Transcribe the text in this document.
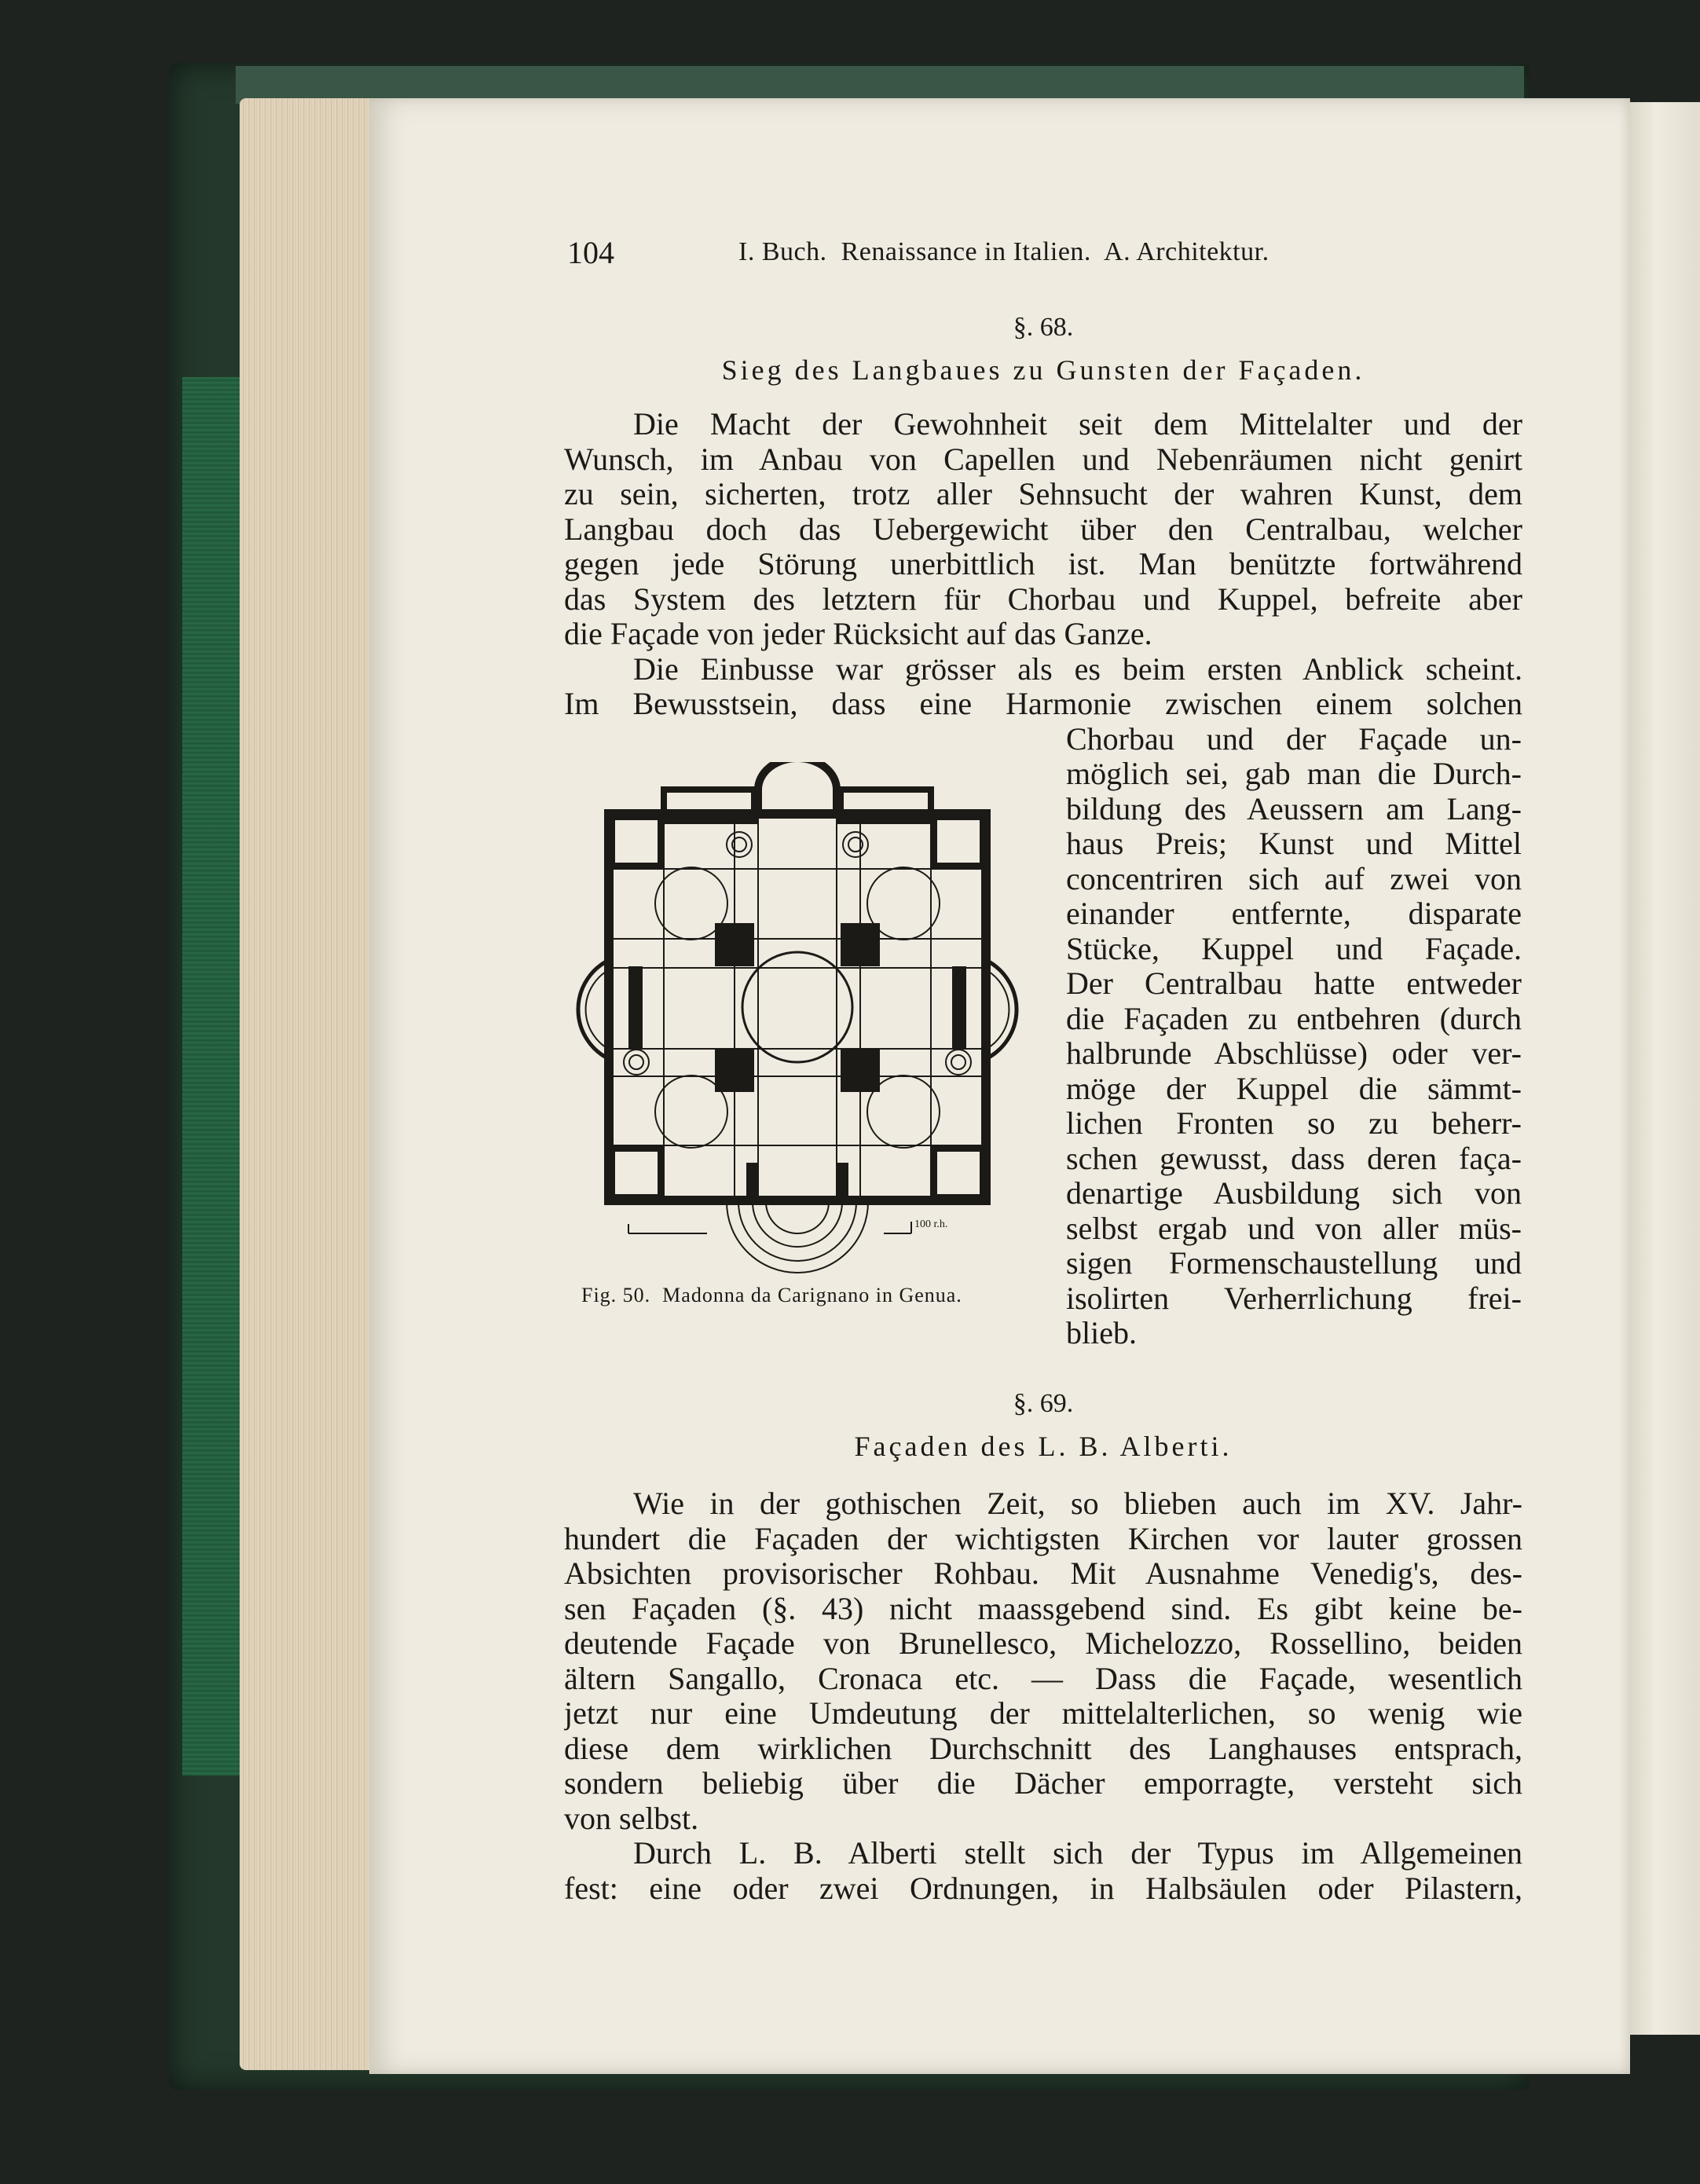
104	I. Buch.  Renaissance in Italien.  A. Architektur.
§. 68.
Sieg des Langbaues zu Gunsten der Façaden.
Die Macht der Gewohnheit seit dem Mittelalter und der
Wunsch, im Anbau von Capellen und Nebenräumen nicht genirt
zu sein, sicherten, trotz aller Sehnsucht der wahren Kunst, dem
Langbau doch das Uebergewicht über den Centralbau, welcher
gegen jede Störung unerbittlich ist. Man benützte fortwährend
das System des letztern für Chorbau und Kuppel, befreite aber
die Façade von jeder Rücksicht auf das Ganze.
Die Einbusse war grösser als es beim ersten Anblick scheint.
Im Bewusstsein, dass eine Harmonie zwischen einem solchen
Chorbau und der Façade un-
möglich sei, gab man die Durch-
bildung des Aeussern am Lang-
haus Preis; Kunst und Mittel
concentriren sich auf zwei von
einander entfernte, disparate
Stücke, Kuppel und Façade.
Der Centralbau hatte entweder
die Façaden zu entbehren (durch
halbrunde Abschlüsse) oder ver-
möge der Kuppel die sämmt-
lichen Fronten so zu beherr-
schen gewusst, dass deren faça-
denartige Ausbildung sich von
selbst ergab und von aller müs-
sigen Formenschaustellung und
isolirten Verherrlichung frei-
blieb.
100 r.h.
Fig. 50.  Madonna da Carignano in Genua.
§. 69.
Façaden des L. B. Alberti.
Wie in der gothischen Zeit, so blieben auch im XV. Jahr-
hundert die Façaden der wichtigsten Kirchen vor lauter grossen
Absichten provisorischer Rohbau. Mit Ausnahme Venedig's, des-
sen Façaden (§. 43) nicht maassgebend sind. Es gibt keine be-
deutende Façade von Brunellesco, Michelozzo, Rossellino, beiden
ältern Sangallo, Cronaca etc. — Dass die Façade, wesentlich
jetzt nur eine Umdeutung der mittelalterlichen, so wenig wie
diese dem wirklichen Durchschnitt des Langhauses entsprach,
sondern beliebig über die Dächer emporragte, versteht sich
von selbst.
Durch L. B. Alberti stellt sich der Typus im Allgemeinen
fest: eine oder zwei Ordnungen, in Halbsäulen oder Pilastern,
